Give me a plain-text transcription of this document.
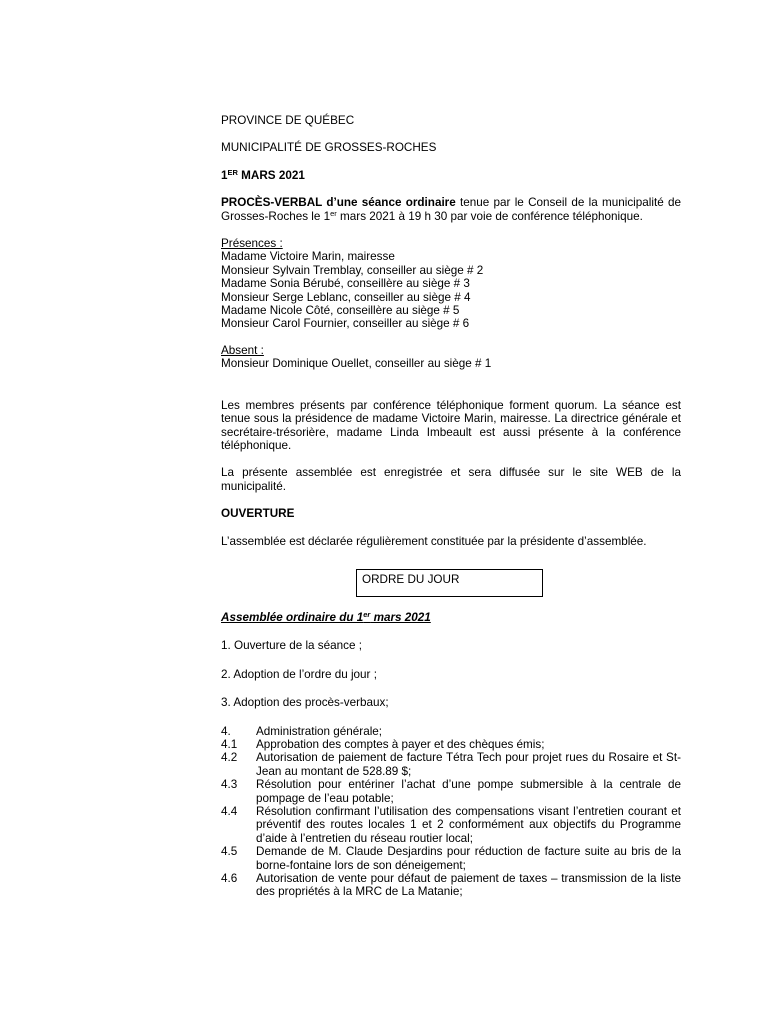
PROVINCE DE QUÉBEC

MUNICIPALITÉ DE GROSSES-ROCHES

1ER MARS 2021

PROCÈS-VERBAL d’une séance ordinaire tenue par le Conseil de la municipalité de Grosses-Roches le 1er mars 2021 à 19 h 30 par voie de conférence téléphonique.

Présences :

Madame Victoire Marin, mairesse

Monsieur Sylvain Tremblay, conseiller au siège # 2

Madame Sonia Bérubé, conseillère au siège # 3

Monsieur Serge Leblanc, conseiller au siège # 4

Madame Nicole Côté, conseillère au siège # 5

Monsieur Carol Fournier, conseiller au siège # 6

Absent :

Monsieur Dominique Ouellet, conseiller au siège # 1

Les membres présents par conférence téléphonique forment quorum. La séance est tenue sous la présidence de madame Victoire Marin, mairesse. La directrice générale et secrétaire-trésorière, madame Linda Imbeault est aussi présente à la conférence téléphonique.

La présente assemblée est enregistrée et sera diffusée sur le site WEB de la municipalité.

OUVERTURE

L’assemblée est déclarée régulièrement constituée par la présidente d’assemblée.

ORDRE DU JOUR

Assemblée ordinaire du 1er mars 2021

1. Ouverture de la séance ;

2. Adoption de l’ordre du jour ;

3. Adoption des procès-verbaux;

4.	Administration générale;
4.1	Approbation des comptes à payer et des chèques émis;
4.2	Autorisation de paiement de facture Tétra Tech pour projet rues du Rosaire et St-Jean au montant de 528.89 $;
4.3	Résolution pour entériner l’achat d’une pompe submersible à la centrale de pompage de l’eau potable;
4.4	Résolution confirmant l’utilisation des compensations visant l’entretien courant et préventif des routes locales 1 et 2 conformément aux objectifs du Programme d’aide à l’entretien du réseau routier local;
4.5	Demande de M. Claude Desjardins pour réduction de facture suite au bris de la borne-fontaine lors de son déneigement;
4.6	Autorisation de vente pour défaut de paiement de taxes – transmission de la liste des propriétés à la MRC de La Matanie;
